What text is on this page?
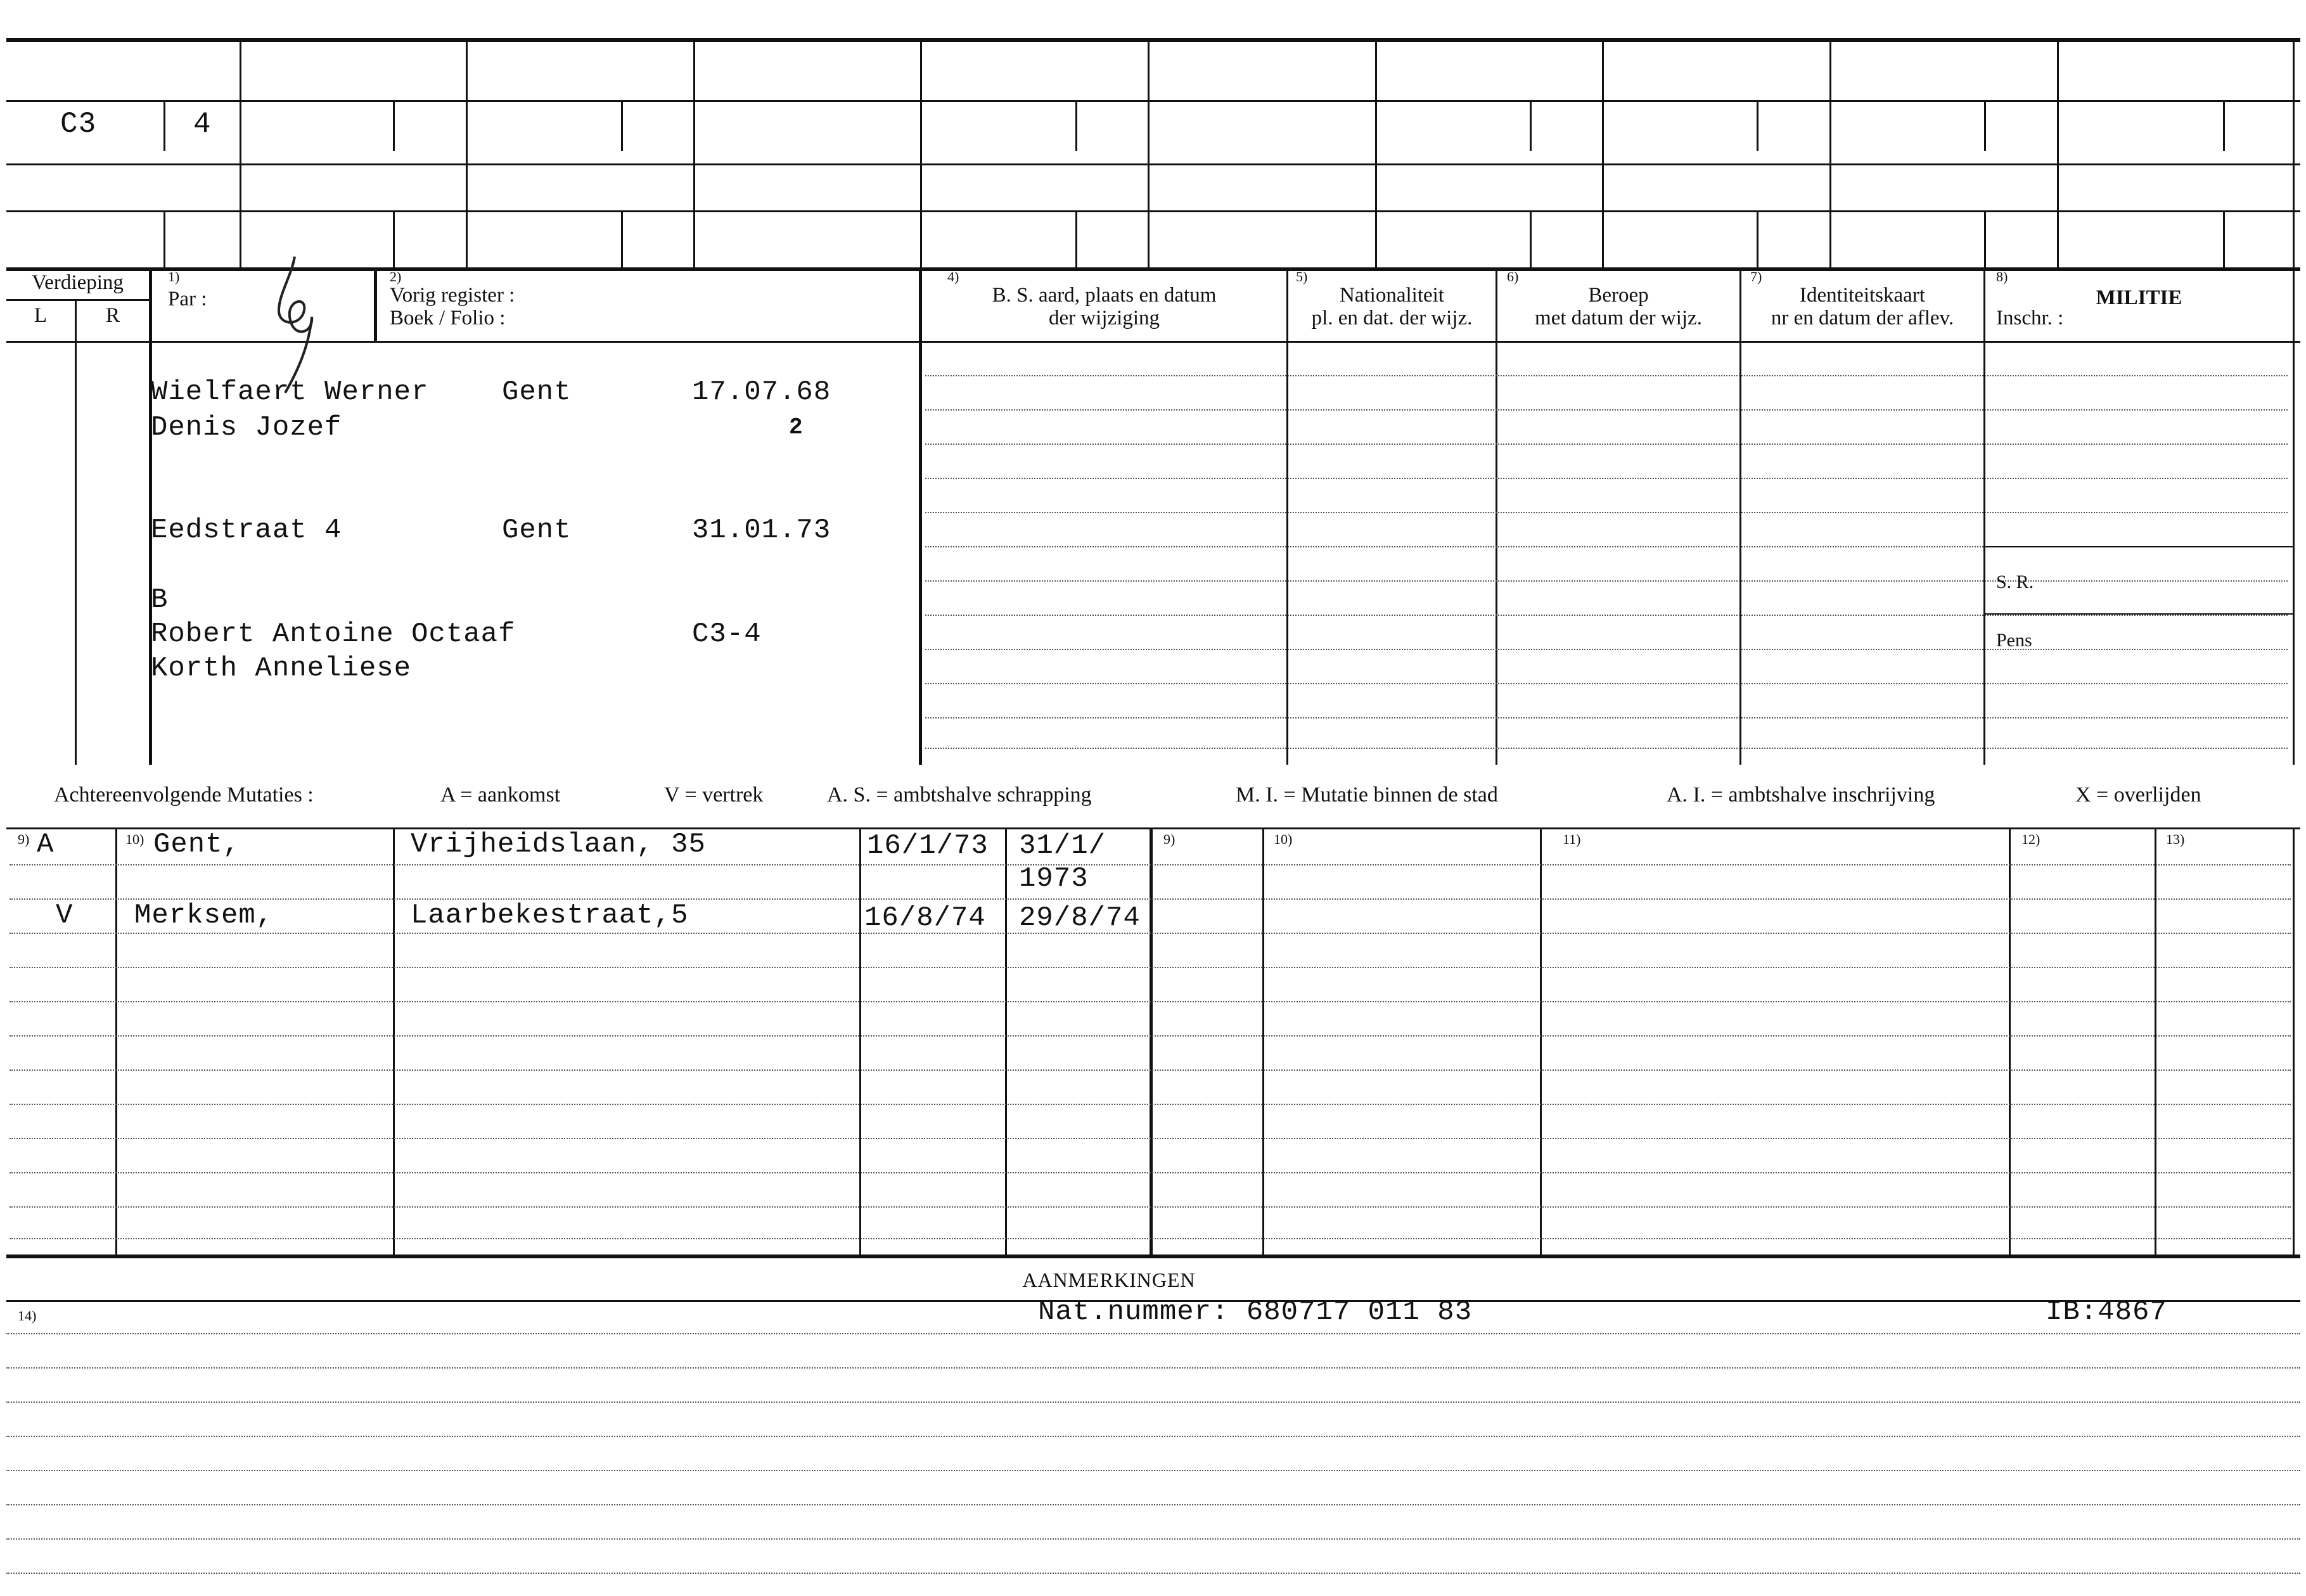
C3	4
Verdieping
L	R
1)
Par :
2)
Vorig register :
Boek / Folio :
4)
B. S. aard, plaats en datum
der wijziging
5)
Nationaliteit
pl. en dat. der wijz.
6)
Beroep
met datum der wijz.
7)
Identiteitskaart
nr en datum der aflev.
8)
MILITIE
Inschr. :
S. R.
Pens
Wielfaert Werner	Gent	17.07.68
Denis Jozef	2
Eedstraat 4	Gent	31.01.73
B
Robert Antoine Octaaf	C3-4
Korth Anneliese
Achtereenvolgende Mutaties :	A = aankomst	V = vertrek	A. S. = ambtshalve schrapping	M. I. = Mutatie binnen de stad	A. I. = ambtshalve inschrijving	X = overlijden
9)	10)	9)	10)	11)	12)	13)
A	Gent,	Vrijheidslaan, 35	16/1/73 31/1/
1973
V Merksem,	Laarbekestraat,5	16/8/74 29/8/74
AANMERKINGEN
14)	Nat.nummer: 680717 011 83	IB:4867
